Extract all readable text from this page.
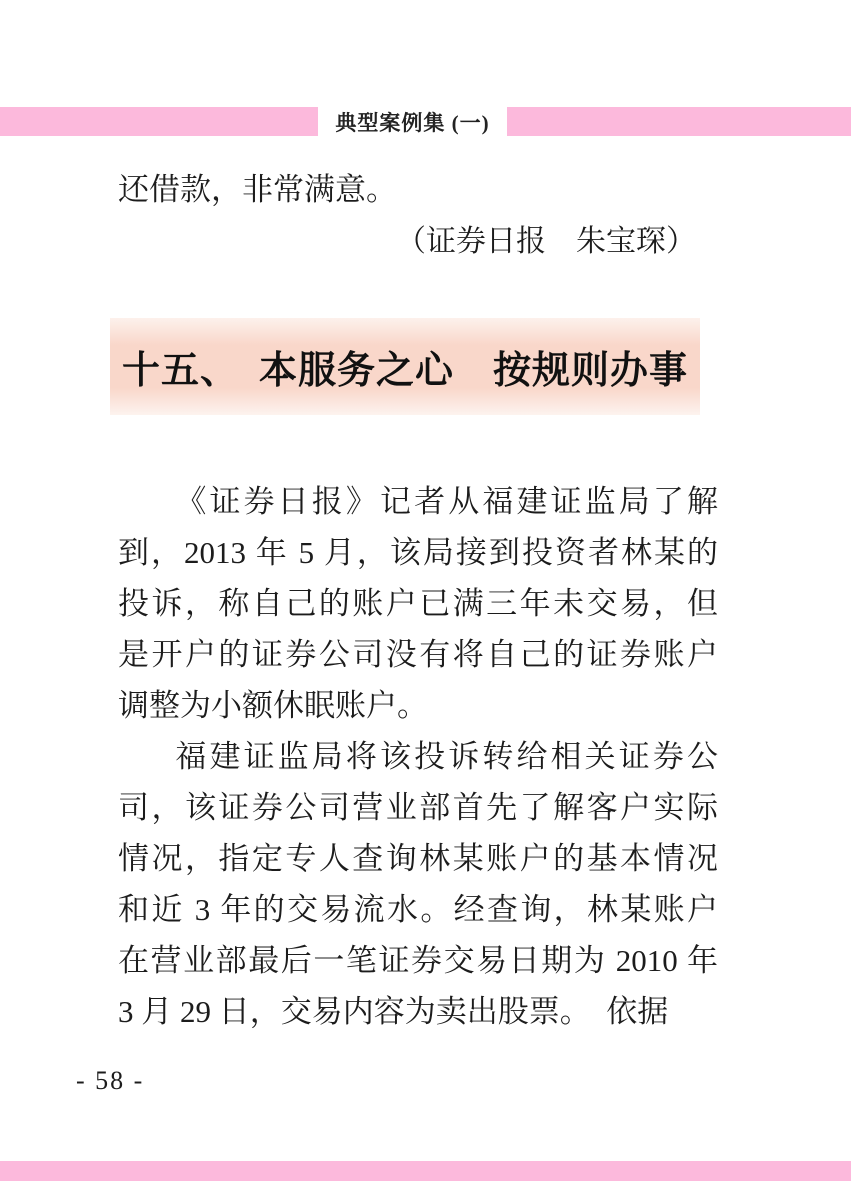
典型案例集 (一)
还借款，非常满意。
（证券日报　朱宝琛）
十五、　本服务之心　按规则办事
《证券日报》记者从福建证监局了解
到，2013 年 5 月，该局接到投资者林某的
投诉，称自己的账户已满三年未交易，但
是开户的证券公司没有将自己的证券账户
调整为小额休眠账户。
福建证监局将该投诉转给相关证券公
司，该证券公司营业部首先了解客户实际
情况，指定专人查询林某账户的基本情况
和近 3 年的交易流水。经查询，林某账户
在营业部最后一笔证券交易日期为 2010 年
3 月 29 日，交易内容为卖出股票。　依据
- 58 -
